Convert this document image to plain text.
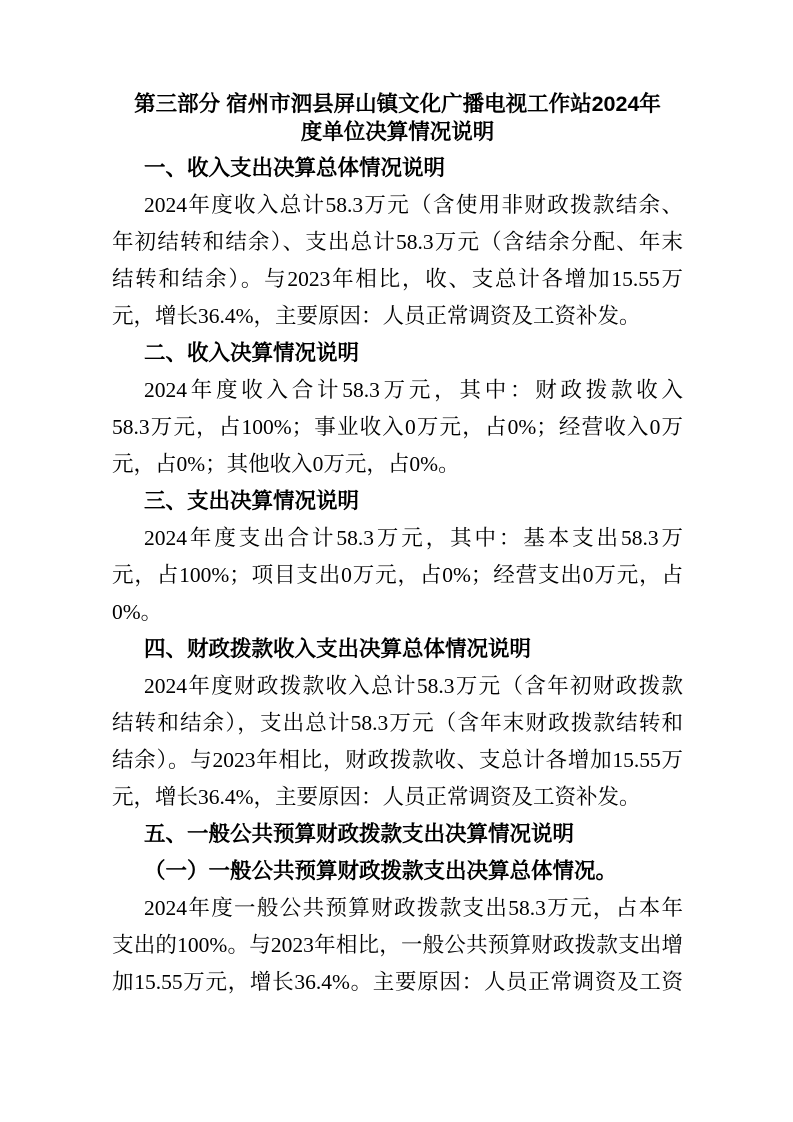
第三部分 宿州市泗县屏山镇文化广播电视工作站2024年
度单位决算情况说明
一、收入支出决算总体情况说明
2024年度收入总计58.3万元（含使用非财政拨款结余、
年初结转和结余）、支出总计58.3万元（含结余分配、年末
结转和结余）。与2023年相比，收、支总计各增加15.55万
元，增长36.4%，主要原因：人员正常调资及工资补发。
二、收入决算情况说明
2024年度收入合计58.3万元，其中：财政拨款收入
58.3万元，占100%；事业收入0万元，占0%；经营收入0万
元，占0%；其他收入0万元，占0%。
三、支出决算情况说明
2024年度支出合计58.3万元，其中：基本支出58.3万
元，占100%；项目支出0万元，占0%；经营支出0万元，占
0%。
四、财政拨款收入支出决算总体情况说明
2024年度财政拨款收入总计58.3万元（含年初财政拨款
结转和结余），支出总计58.3万元（含年末财政拨款结转和
结余）。与2023年相比，财政拨款收、支总计各增加15.55万
元，增长36.4%，主要原因：人员正常调资及工资补发。
五、一般公共预算财政拨款支出决算情况说明
（一）一般公共预算财政拨款支出决算总体情况。
2024年度一般公共预算财政拨款支出58.3万元，占本年
支出的100%。与2023年相比，一般公共预算财政拨款支出增
加15.55万元，增长36.4%。主要原因：人员正常调资及工资
